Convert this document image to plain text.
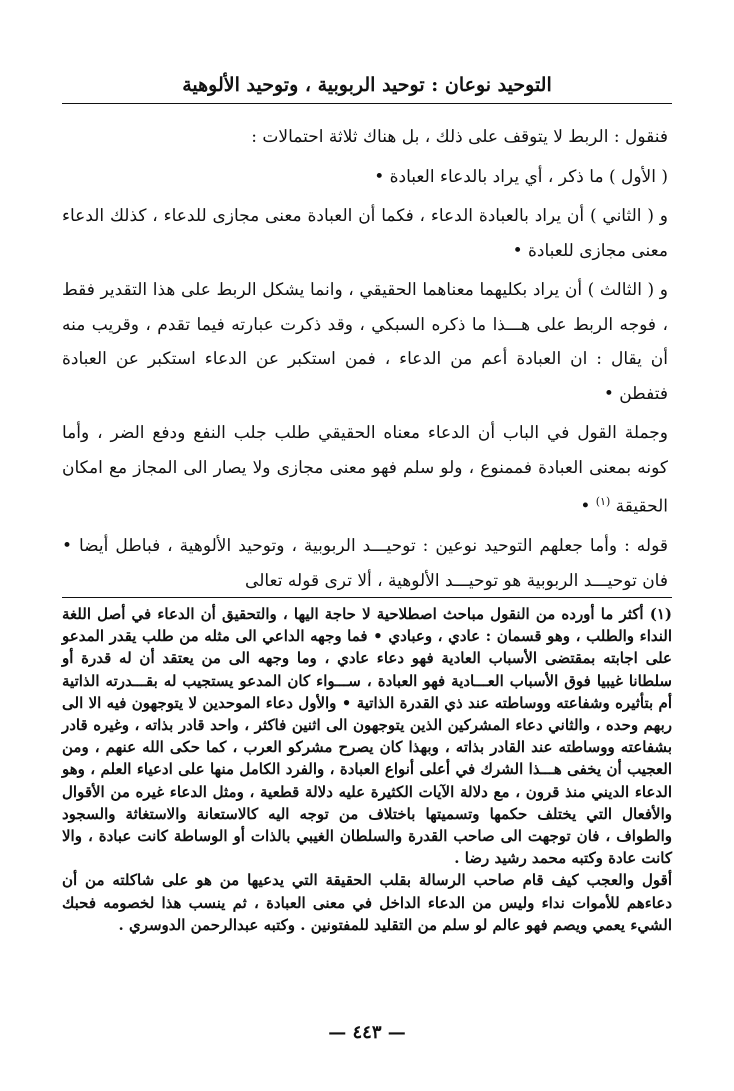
التوحيد نوعان : توحيد الربوبية ، وتوحيد الألوهية

فنقول : الربط لا يتوقف على ذلك ، بل هناك ثلاثة احتمالات :

( الأول ) ما ذكر ، أي يراد بالدعاء العبادة •

و ( الثاني ) أن يراد بالعبادة الدعاء ، فكما أن العبادة معنى مجازى للدعاء ، كذلك الدعاء معنى مجازى للعبادة •

و ( الثالث ) أن يراد بكليهما معناهما الحقيقي ، وانما يشكل الربط على هذا التقدير فقط ، فوجه الربط على هـــذا ما ذكره السبكي ، وقد ذكرت عبارته فيما تقدم ، وقريب منه أن يقال : ان العبادة أعم من الدعاء ، فمن استكبر عن الدعاء استكبر عن العبادة فتفطن •

وجملة القول في الباب أن الدعاء معناه الحقيقي طلب جلب النفع ودفع الضر ، وأما كونه بمعنى العبادة فممنوع ، ولو سلم فهو معنى مجازى ولا يصار الى المجاز مع امكان الحقيقة $^{(١)}$ •

قوله : وأما جعلهم التوحيد نوعين : توحيـــد الربوبية ، وتوحيد الألوهية ، فباطل أيضا • فان توحيـــد الربوبية هو توحيـــد الألوهية ، ألا ترى قوله تعالى

(١) أكثر ما أورده من النقول مباحث اصطلاحية لا حاجة اليها ، والتحقيق أن الدعاء في أصل اللغة النداء والطلب ، وهو قسمان : عادي ، وعبادي • فما وجهه الداعي الى مثله من طلب يقدر المدعو على اجابته بمقتضى الأسباب العادية فهو دعاء عادي ، وما وجهه الى من يعتقد أن له قدرة أو سلطانا غيبيا فوق الأسباب العـــادية فهو العبادة ، ســـواء كان المدعو يستجيب له بقـــدرته الذاتية أم بتأثيره وشفاعته ووساطته عند ذي القدرة الذاتية • والأول دعاء الموحدين لا يتوجهون فيه الا الى ربهم وحده ، والثاني دعاء المشركين الذين يتوجهون الى اثنين فاكثر ، واحد قادر بذاته ، وغيره قادر بشفاعته ووساطته عند القادر بذاته ، وبهذا كان يصرح مشركو العرب ، كما حكى الله عنهم ، ومن العجيب أن يخفى هـــذا الشرك في أعلى أنواع العبادة ، والفرد الكامل منها على ادعياء العلم ، وهو الدعاء الديني منذ قرون ، مع دلالة الآيات الكثيرة عليه دلالة قطعية ، ومثل الدعاء غيره من الأقوال والأفعال التي يختلف حكمها وتسميتها باختلاف من توجه اليه كالاستعانة والاستغاثة والسجود والطواف ، فان توجهت الى صاحب القدرة والسلطان الغيبي بالذات أو الوساطة كانت عبادة ، والا كانت عادة وكتبه محمد رشيد رضا .

أقول والعجب كيف قام صاحب الرسالة بقلب الحقيقة التي يدعيها من هو على شاكلته من أن دعاءهم للأموات نداء وليس من الدعاء الداخل في معنى العبادة ، ثم ينسب هذا لخصومه فحبك الشيء يعمي ويصم فهو عالم لو سلم من التقليد للمفتونين . وكتبه عبدالرحمن الدوسري .

— ٤٤٣ —
